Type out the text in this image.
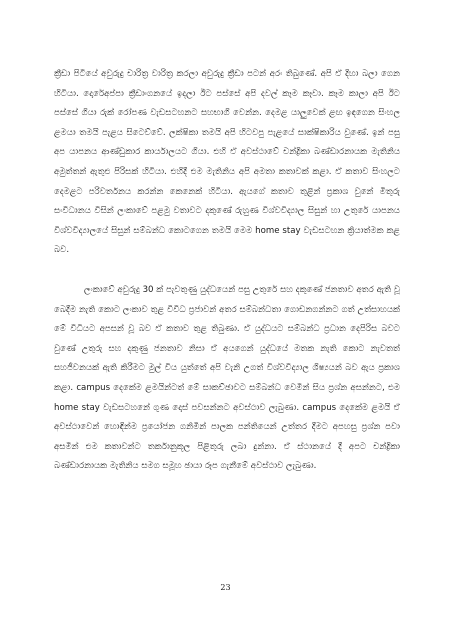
ක්‍රීඩා පිටියේ අවුරුදු චාරිත්‍ර වාරිත්‍ර කරලා අවුරුදු ක්‍රීඩා පටන් අරං තිබුණේ. අපි ඒ දිහා බලා ගෙන හිටියා. දොරේඅප්පා ක්‍රීඩාංගනයේ ඉදලා ඊට පස්සේ අපි දවල් කෑම කෑවා. කෑම කාලා අපි ඊට පස්සේ ගියා රුක් රෝපණ වැඩසටහනට සහභාගි වෙන්න. දෙමළ යාලුවෙක් ළඟ ඉඳගෙන සිංහල ළමයා තමයි පැළය සිටෙව්වේ. ලක්ෂිකා තමයි අපි හිටවපු පැළයේ සාක්ෂිකාරිය වුණේ. ඉන් පසු අප යාපනය ආණ්ඩුකාර කාර්යාලයට ගියා. එහි ඒ අවස්ථාවේ චන්ද්‍රිකා බණ්ඩාරනායක මැතිනිය අමුත්තන් ඇතුළු පිරිසක් හිටියා. එහිදී එම මැතිනිය අපි අමතා කතාවක් කළා. ඒ කතාව සිංහලට දෙමළට පරිවර්තනය කරන්න කෙනෙක් හිටියා. ඇයගේ කතාව තුළින් ප්‍රකාශ වුනේ මිතුරු සංවිධානය විසින් ලංකාවේ පළමු වතාවට දකුණේ රුහුණ විශ්වවිද්‍යාල සිසුන් හා උතුරේ යාපනය විශ්වවිද්‍යාලයේ සිසුන් සම්බන්ධ කොටගෙන තමයි මෙම home stay වැඩසටහන ක්‍රියාත්මක කළ බව.

ලංකාවේ අවුරුදු 30 ක් පැවතුණු යුද්ධයෙන් පසු උතුරේ සහ දකුණේ ජනතාව අතර ඇති වූ බෙදීම නැති කොට ලංකාව තුළ විවිධ ප්‍රජාවන් අතර සම්බන්ධතා ගොඩනගන්නට ගත් උත්සාහයක් මේ විධියට අපසන් වූ බව ඒ කතාව තුළ තිබුණා. ඒ යුද්ධයට සම්බන්ධ ප්‍රධාන දෙපිරිස බවට වුණේ උතුරු සහ දකුණු ජනතාව නිසා ඒ අයගෙන් යුද්ධයේ මතක නැති කොට නැවතත් සහජීවනයක් ඇති කිරීමට මුල් විය යුත්තේ අපි වැනි උගත් විශ්වවිද්‍යාල ශිෂ්‍යයන් බව ඇය ප්‍රකාශ කළා. campus දෙකේම ළමයින්ටත් මේ සාකච්ඡාවට සම්බන්ධ වෙමින් සිය ප්‍රශ්න අසන්නට, එම home stay වැඩසටහනේ ගුණ දොස් පවසන්නට අවස්ථාව ලැබුණා. campus දෙකේම ළමයි ඒ අවස්ථාවෙන් හොඳින්ම ප්‍රයෝජන ගනිමින් පාලක පන්තියෙන් උත්තර දීමට අපහසු ප්‍රශ්න පවා අසමින් එම කතාවන්ට තර්කානුකූල පිළිතුරු ලබා දුන්නා. ඒ ස්ථානයේ දී අපට චන්ද්‍රිකා බණ්ඩාරනායක මැතිනිය සමග සමූහ ඡායා රූප ගැනීමේ අවස්ථාව ලැබුණා.

23
